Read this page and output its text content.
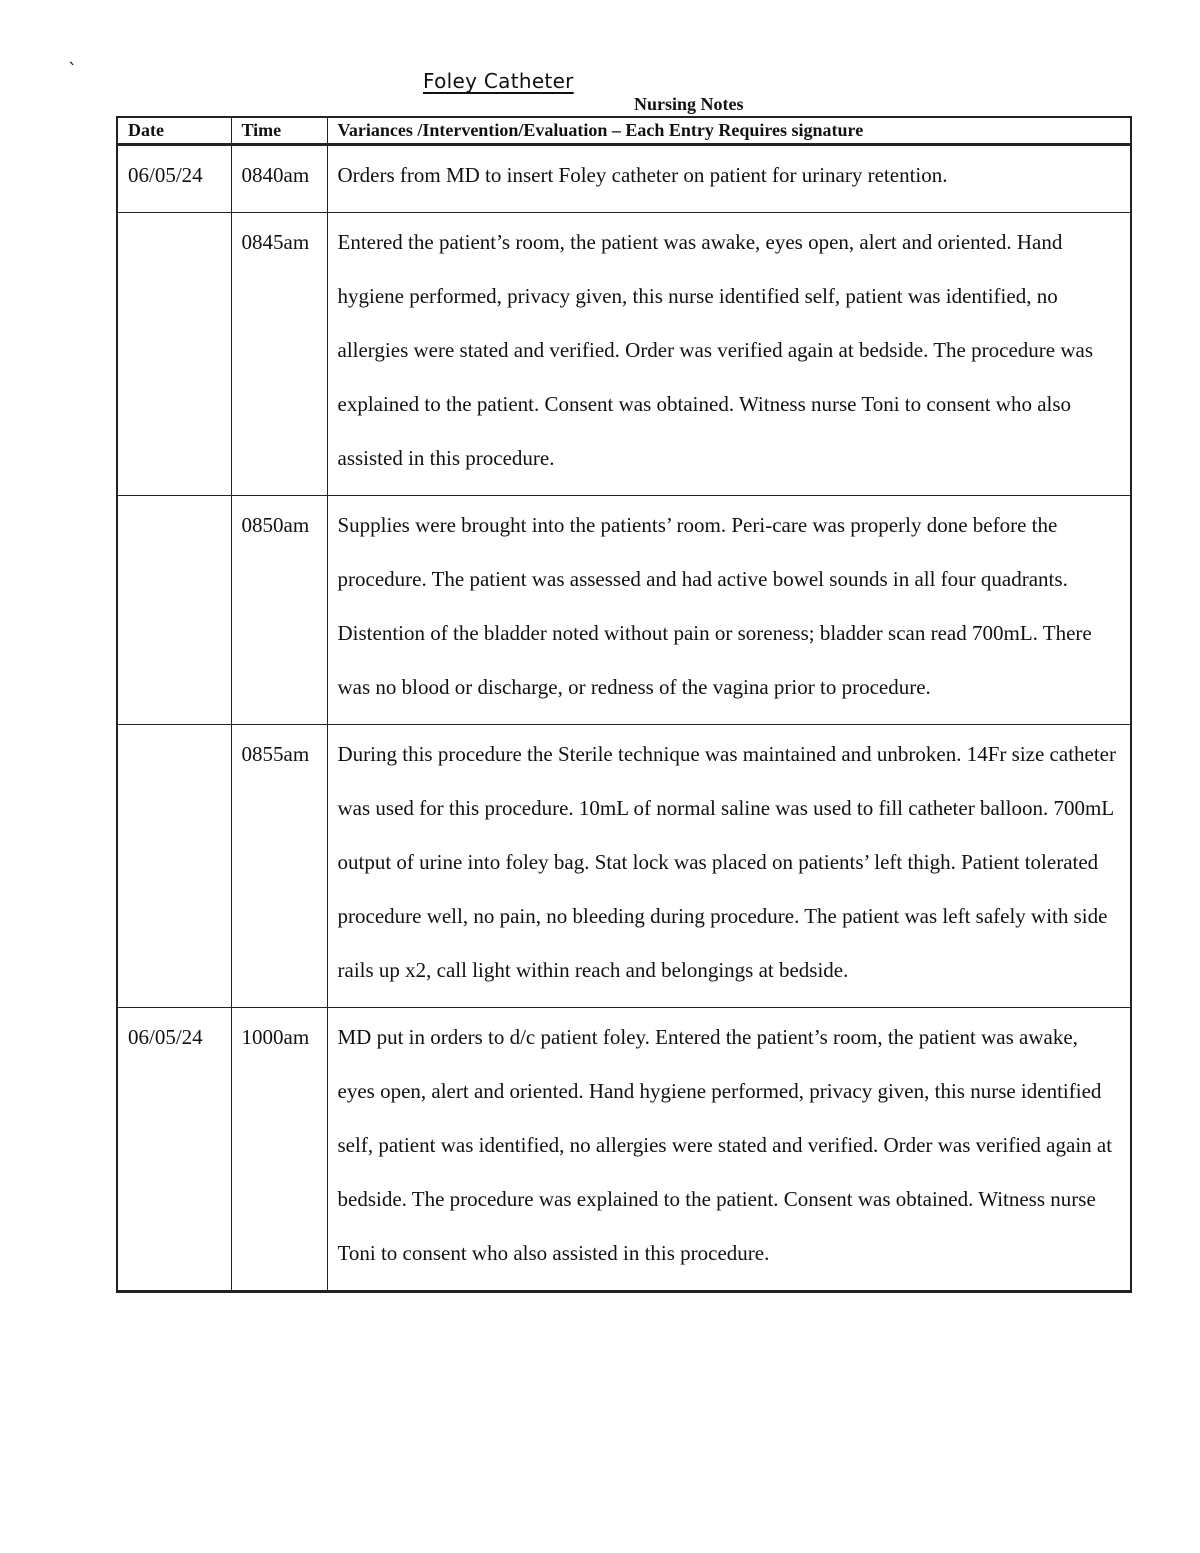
`	Foley Catheter
Nursing Notes
Date	Time	Variances /Intervention/Evaluation – Each Entry Requires signature
06/05/24	0840am	Orders from MD to insert Foley catheter on patient for urinary retention.
	0845am	Entered the patient’s room, the patient was awake, eyes open, alert and oriented. Hand hygiene performed, privacy given, this nurse identified self, patient was identified, no allergies were stated and verified. Order was verified again at bedside. The procedure was explained to the patient. Consent was obtained. Witness nurse Toni to consent who also assisted in this procedure.
	0850am	Supplies were brought into the patients’ room. Peri-care was properly done before the procedure. The patient was assessed and had active bowel sounds in all four quadrants. Distention of the bladder noted without pain or soreness; bladder scan read 700mL. There was no blood or discharge, or redness of the vagina prior to procedure.
	0855am	During this procedure the Sterile technique was maintained and unbroken. 14Fr size catheter was used for this procedure. 10mL of normal saline was used to fill catheter balloon. 700mL output of urine into foley bag. Stat lock was placed on patients’ left thigh. Patient tolerated procedure well, no pain, no bleeding during procedure. The patient was left safely with side rails up x2, call light within reach and belongings at bedside.
06/05/24	1000am	MD put in orders to d/c patient foley. Entered the patient’s room, the patient was awake, eyes open, alert and oriented. Hand hygiene performed, privacy given, this nurse identified self, patient was identified, no allergies were stated and verified. Order was verified again at bedside. The procedure was explained to the patient. Consent was obtained. Witness nurse Toni to consent who also assisted in this procedure.
